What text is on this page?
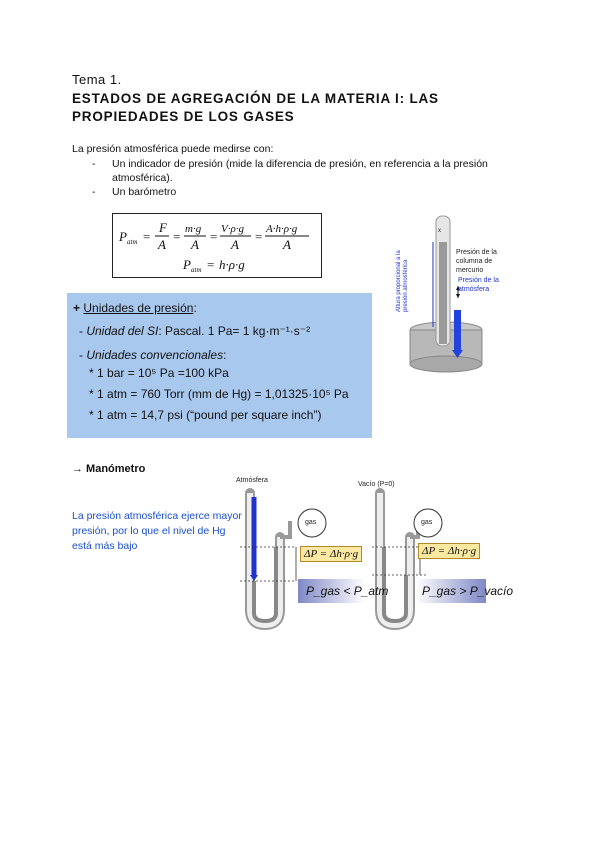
Tema 1.
ESTADOS DE AGREGACIÓN DE LA MATERIA I: LAS PROPIEDADES DE LOS GASES
La presión atmosférica puede medirse con:
- Un indicador de presión (mide la diferencia de presión, en referencia a la presión atmosférica).
- Un barómetro
P atm =
F
A
= m·g
A
= V·ρ·g
A
= A·h·ρ·g
A
P atm = h·ρ·g	Altura proporcional a la presión atmosférica
x
Presión de la columna de mercurio
Presión de la atmósfera
+ Unidades de presión:
- Unidad del SI: Pascal. 1 Pa= 1 kg·m⁻¹·s⁻²
- Unidades convencionales:
* 1 bar = 10⁵ Pa =100 kPa
* 1 atm = 760 Torr (mm de Hg) = 1,01325·10⁵ Pa
* 1 atm = 14,7 psi (“pound per square inch”)
→ Manómetro
La presión atmosférica ejerce mayor presión, por lo que el nivel de Hg está más bajo
Atmósfera
Vacío (P=0)
gas	gas
ΔP = Δh·ρ·g	ΔP = Δh·ρ·g
P_gas < P_atm	P_gas > P_vacío
